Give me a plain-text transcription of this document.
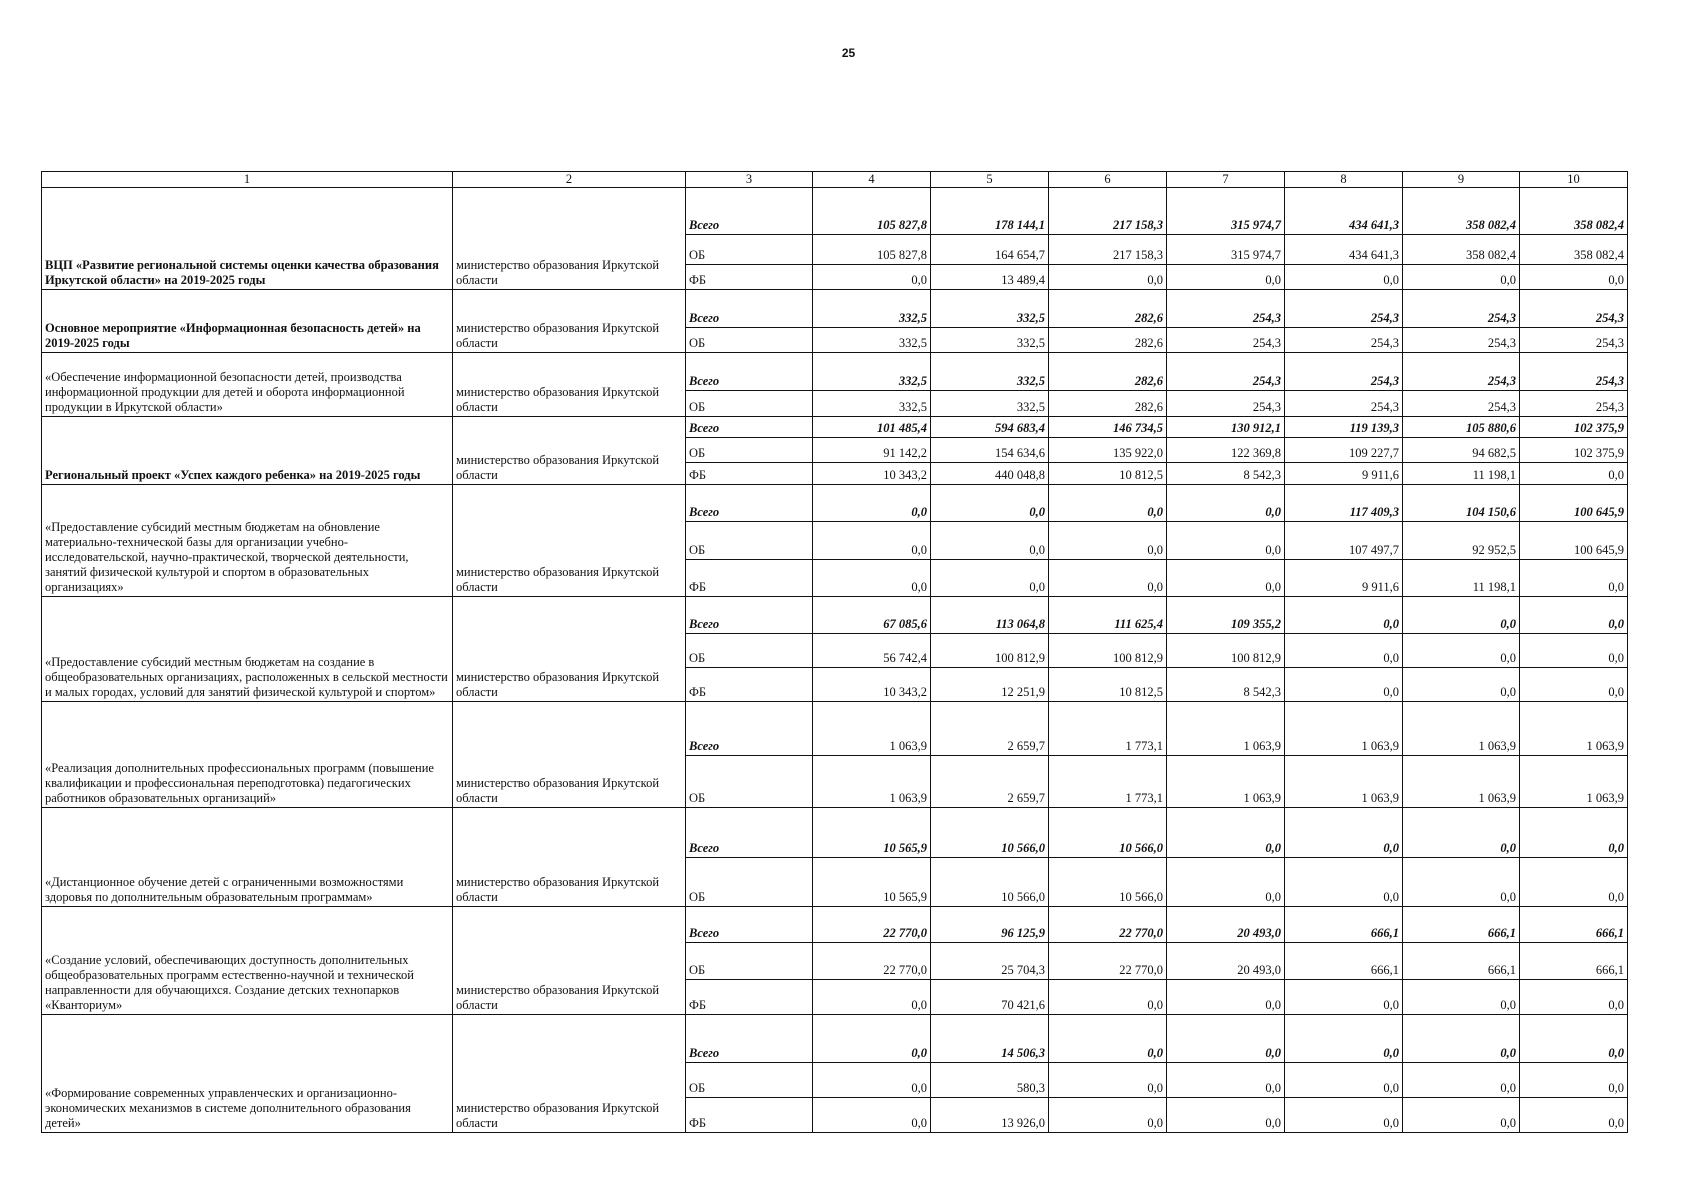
25
1	2	3	4	5	6	7	8	9	10
ВЦП «Развитие региональной системы оценки качества образования Иркутской области» на 2019-2025 годы	министерство образования Иркутской области	Всего	105 827,8	178 144,1	217 158,3	315 974,7	434 641,3	358 082,4	358 082,4
		ОБ	105 827,8	164 654,7	217 158,3	315 974,7	434 641,3	358 082,4	358 082,4
		ФБ	0,0	13 489,4	0,0	0,0	0,0	0,0	0,0
Основное мероприятие «Информационная безопасность детей» на 2019-2025 годы	министерство образования Иркутской области	Всего	332,5	332,5	282,6	254,3	254,3	254,3	254,3
		ОБ	332,5	332,5	282,6	254,3	254,3	254,3	254,3
«Обеспечение информационной безопасности детей, производства информационной продукции для детей и оборота информационной продукции в Иркутской области»	министерство образования Иркутской области	Всего	332,5	332,5	282,6	254,3	254,3	254,3	254,3
		ОБ	332,5	332,5	282,6	254,3	254,3	254,3	254,3
Региональный проект «Успех каждого ребенка» на 2019-2025 годы	министерство образования Иркутской области	Всего	101 485,4	594 683,4	146 734,5	130 912,1	119 139,3	105 880,6	102 375,9
		ОБ	91 142,2	154 634,6	135 922,0	122 369,8	109 227,7	94 682,5	102 375,9
		ФБ	10 343,2	440 048,8	10 812,5	8 542,3	9 911,6	11 198,1	0,0
«Предоставление субсидий местным бюджетам на обновление материально-технической базы для организации учебно-исследовательской, научно-практической, творческой деятельности, занятий физической культурой и спортом в образовательных организациях»	министерство образования Иркутской области	Всего	0,0	0,0	0,0	0,0	117 409,3	104 150,6	100 645,9
		ОБ	0,0	0,0	0,0	0,0	107 497,7	92 952,5	100 645,9
		ФБ	0,0	0,0	0,0	0,0	9 911,6	11 198,1	0,0
«Предоставление субсидий местным бюджетам на создание в общеобразовательных организациях, расположенных в сельской местности и малых городах, условий для занятий физической культурой и спортом»	министерство образования Иркутской области	Всего	67 085,6	113 064,8	111 625,4	109 355,2	0,0	0,0	0,0
		ОБ	56 742,4	100 812,9	100 812,9	100 812,9	0,0	0,0	0,0
		ФБ	10 343,2	12 251,9	10 812,5	8 542,3	0,0	0,0	0,0
«Реализация дополнительных профессиональных программ (повышение квалификации и профессиональная переподготовка) педагогических работников образовательных организаций»	министерство образования Иркутской области	Всего	1 063,9	2 659,7	1 773,1	1 063,9	1 063,9	1 063,9	1 063,9
		ОБ	1 063,9	2 659,7	1 773,1	1 063,9	1 063,9	1 063,9	1 063,9
«Дистанционное обучение детей с ограниченными возможностями здоровья по дополнительным образовательным программам»	министерство образования Иркутской области	Всего	10 565,9	10 566,0	10 566,0	0,0	0,0	0,0	0,0
		ОБ	10 565,9	10 566,0	10 566,0	0,0	0,0	0,0	0,0
«Создание условий, обеспечивающих доступность дополнительных общеобразовательных программ естественно-научной и технической направленности для обучающихся. Создание детских технопарков «Кванториум»	министерство образования Иркутской области	Всего	22 770,0	96 125,9	22 770,0	20 493,0	666,1	666,1	666,1
		ОБ	22 770,0	25 704,3	22 770,0	20 493,0	666,1	666,1	666,1
		ФБ	0,0	70 421,6	0,0	0,0	0,0	0,0	0,0
«Формирование современных управленческих и организационно-экономических механизмов в системе дополнительного образования детей»	министерство образования Иркутской области	Всего	0,0	14 506,3	0,0	0,0	0,0	0,0	0,0
		ОБ	0,0	580,3	0,0	0,0	0,0	0,0	0,0
		ФБ	0,0	13 926,0	0,0	0,0	0,0	0,0	0,0
